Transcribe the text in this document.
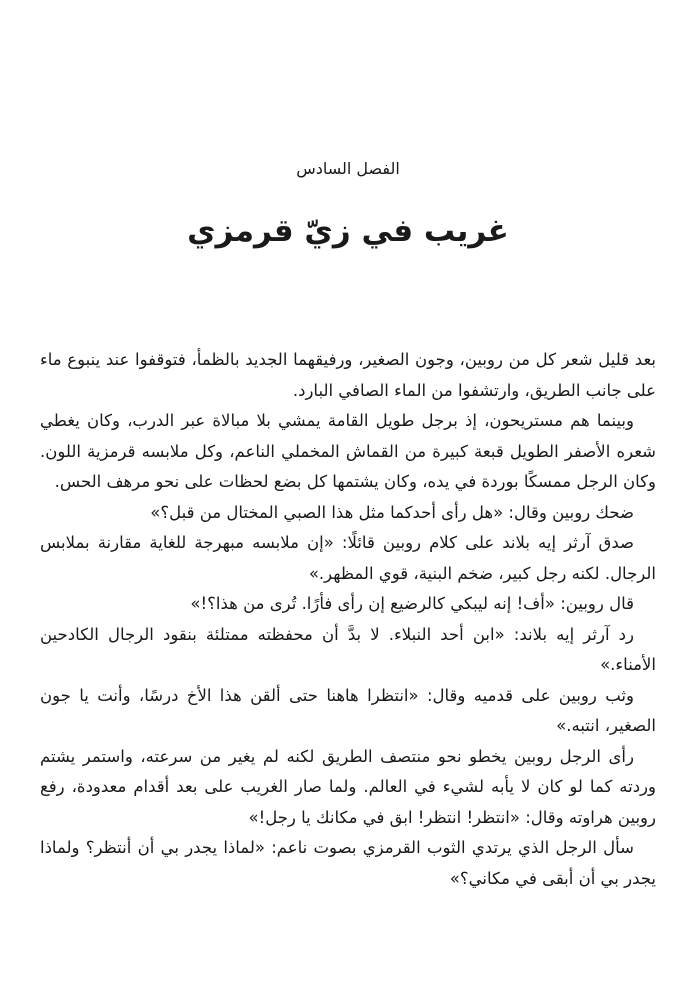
الفصل السادس
غريب في زيّ قرمزي

بعد قليل شعر كل من روبين، وجون الصغير، ورفيقهما الجديد بالظمأ، فتوقفوا عند ينبوع ماء على جانب الطريق، وارتشفوا من الماء الصافي البارد.

وبينما هم مستريحون، إذ برجل طويل القامة يمشي بلا مبالاة عبر الدرب، وكان يغطي شعره الأصفر الطويل قبعة كبيرة من القماش المخملي الناعم، وكل ملابسه قرمزية اللون. وكان الرجل ممسكًا بوردة في يده، وكان يشتمها كل بضع لحظات على نحو مرهف الحس.

ضحك روبين وقال: «هل رأى أحدكما مثل هذا الصبي المختال من قبل؟»

صدق آرثر إيه بلاند على كلام روبين قائلًا: «إن ملابسه مبهرجة للغاية مقارنة بملابس الرجال. لكنه رجل كبير، ضخم البنية، قوي المظهر.»

قال روبين: «أف! إنه ليبكي كالرضيع إن رأى فأرًا. تُرى من هذا؟!»

رد آرثر إيه بلاند: «ابن أحد النبلاء. لا بدَّ أن محفظته ممتلئة بنقود الرجال الكادحين الأمناء.»

وثب روبين على قدميه وقال: «انتظرا هاهنا حتى ألقن هذا الأخ درسًا، وأنت يا جون الصغير، انتبه.»

رأى الرجل روبين يخطو نحو منتصف الطريق لكنه لم يغير من سرعته، واستمر يشتم وردته كما لو كان لا يأبه لشيء في العالم. ولما صار الغريب على بعد أقدام معدودة، رفع روبين هراوته وقال: «انتظر! انتظر! ابق في مكانك يا رجل!»

سأل الرجل الذي يرتدي الثوب القرمزي بصوت ناعم: «لماذا يجدر بي أن أنتظر؟ ولماذا يجدر بي أن أبقى في مكاني؟»
